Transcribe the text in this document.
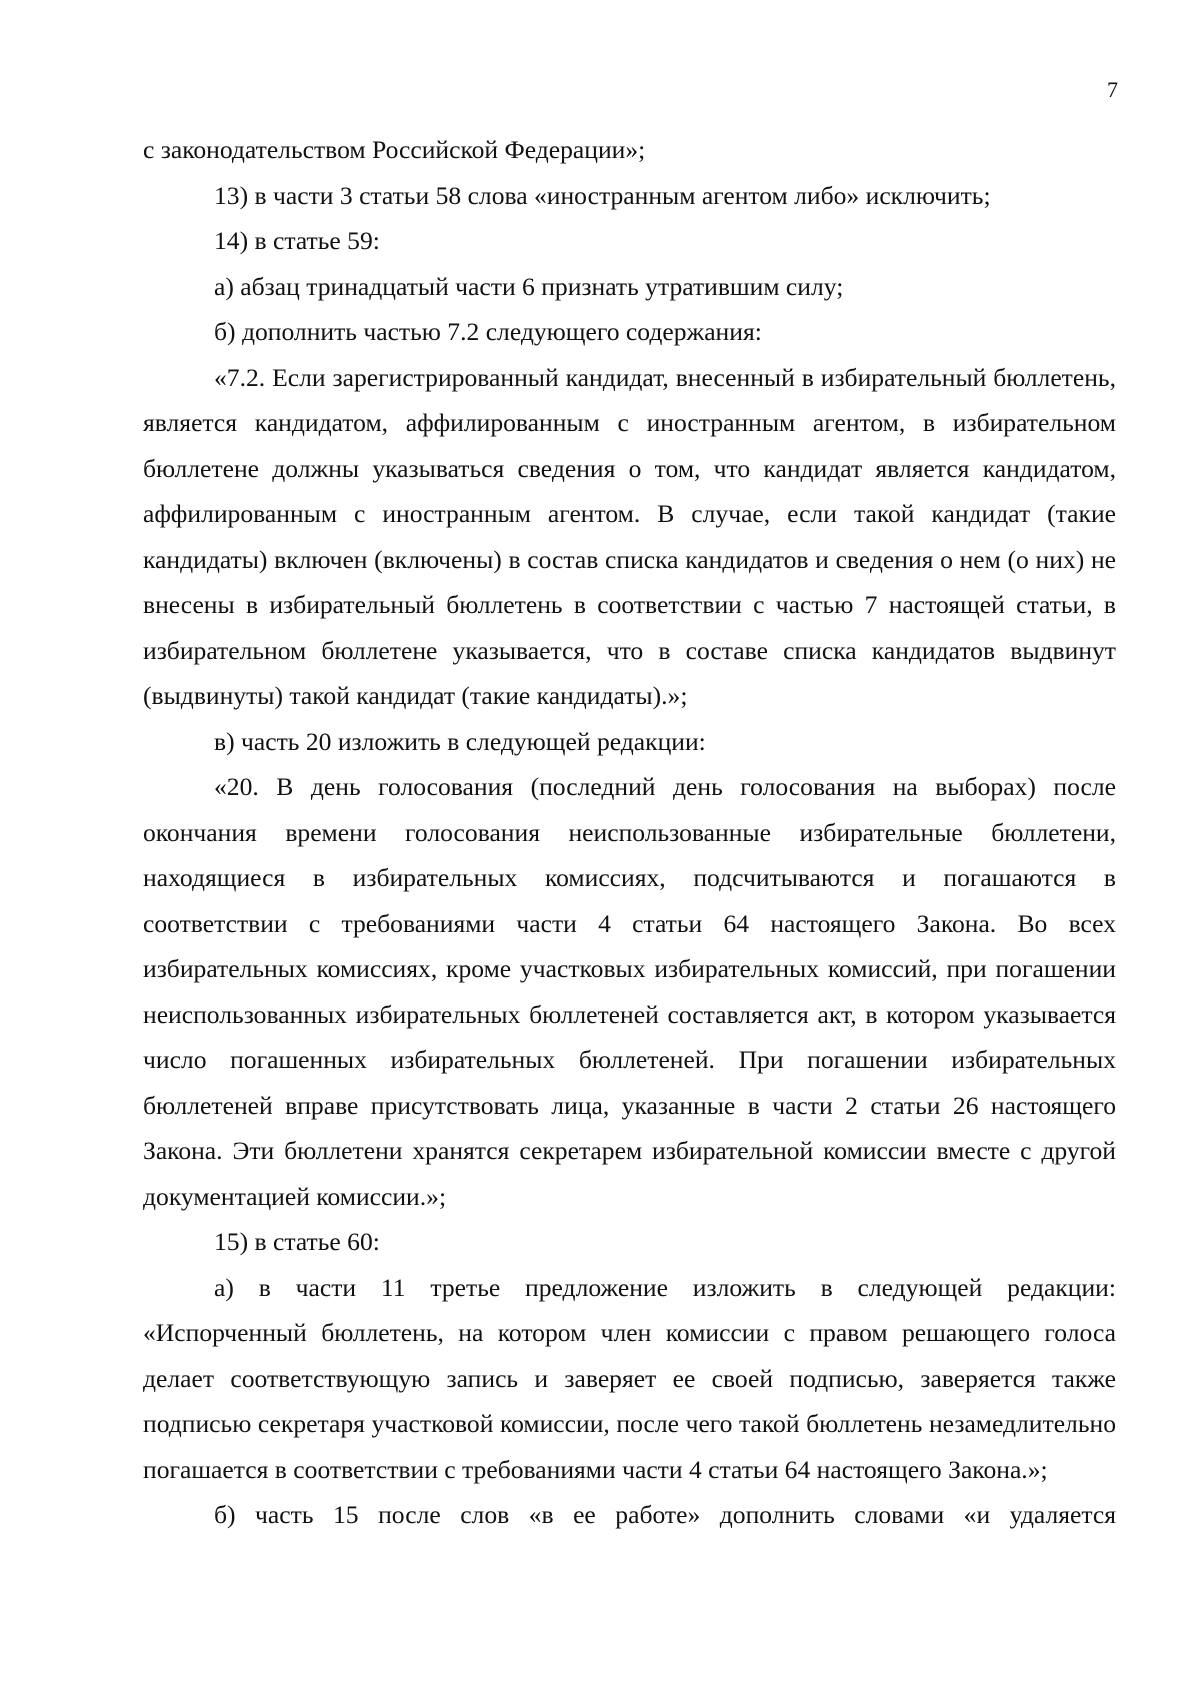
7

с законодательством Российской Федерации»;

13) в части 3 статьи 58 слова «иностранным агентом либо» исключить;

14) в статье 59:

а) абзац тринадцатый части 6 признать утратившим силу;

б) дополнить частью 7.2 следующего содержания:

«7.2. Если зарегистрированный кандидат, внесенный в избирательный бюллетень, является кандидатом, аффилированным с иностранным агентом, в избирательном бюллетене должны указываться сведения о том, что кандидат является кандидатом, аффилированным с иностранным агентом. В случае, если такой кандидат (такие кандидаты) включен (включены) в состав списка кандидатов и сведения о нем (о них) не внесены в избирательный бюллетень в соответствии с частью 7 настоящей статьи, в избирательном бюллетене указывается, что в составе списка кандидатов выдвинут (выдвинуты) такой кандидат (такие кандидаты).»;

в) часть 20 изложить в следующей редакции:

«20. В день голосования (последний день голосования на выборах) после окончания времени голосования неиспользованные избирательные бюллетени, находящиеся в избирательных комиссиях, подсчитываются и погашаются в соответствии с требованиями части 4 статьи 64 настоящего Закона. Во всех избирательных комиссиях, кроме участковых избирательных комиссий, при погашении неиспользованных избирательных бюллетеней составляется акт, в котором указывается число погашенных избирательных бюллетеней. При погашении избирательных бюллетеней вправе присутствовать лица, указанные в части 2 статьи 26 настоящего Закона. Эти бюллетени хранятся секретарем избирательной комиссии вместе с другой документацией комиссии.»;

15) в статье 60:

а) в части 11 третье предложение изложить в следующей редакции: «Испорченный бюллетень, на котором член комиссии с правом решающего голоса делает соответствующую запись и заверяет ее своей подписью, заверяется также подписью секретаря участковой комиссии, после чего такой бюллетень незамедлительно погашается в соответствии с требованиями части 4 статьи 64 настоящего Закона.»;

б) часть 15 после слов «в ее работе» дополнить словами «и удаляется
